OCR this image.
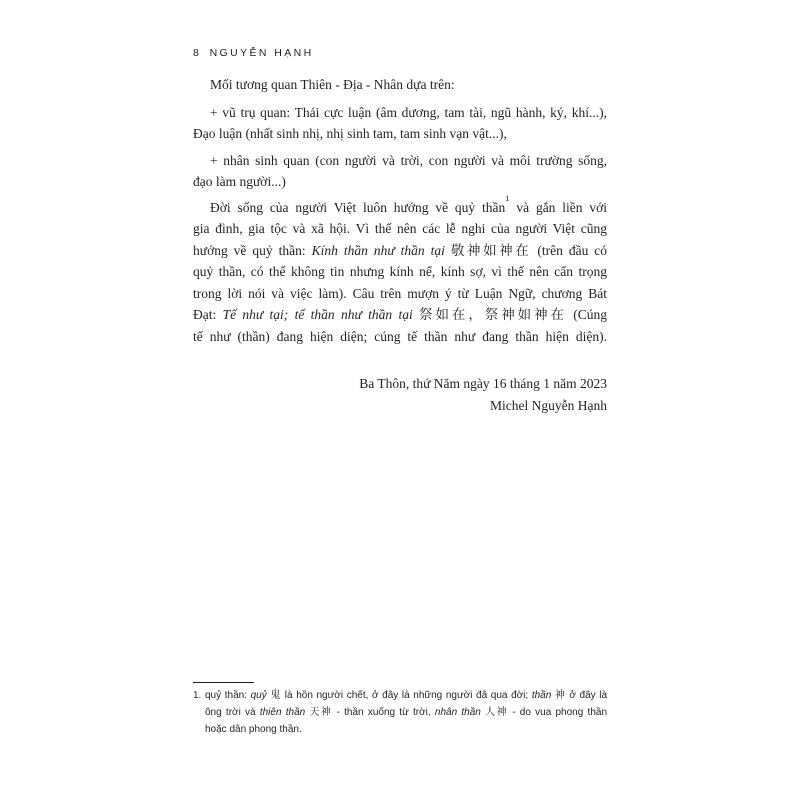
8 NGUYỄN HẠNH
Mối tương quan Thiên - Địa - Nhân dựa trên:
+ vũ trụ quan: Thái cực luận (âm dương, tam tài, ngũ hành, ký, khí...),
Đạo luận (nhất sinh nhị, nhị sinh tam, tam sinh vạn vật...),
+ nhân sinh quan (con người và trời, con người và môi trường sống,
đạo làm người...)
Đời sống của người Việt luôn hướng về quỷ thần$^1$ và gắn liền với
gia đình, gia tộc và xã hội. Vì thế nên các lễ nghi của người Việt cũng
hướng về quỷ thần: Kính thần như thần tại 敬神如神在 (trên đầu có
quỷ thần, có thể không tin nhưng kính nể, kính sợ, vì thế nên cẩn trọng
trong lời nói và việc làm). Câu trên mượn ý từ Luận Ngữ, chương Bát
Đạt: Tế như tại; tế thần như thần tại 祭如在，祭神如神在 (Cúng
tế như (thần) đang hiện diện; cúng tế thần như đang thần hiện diện).
Ba Thôn, thứ Năm ngày 16 tháng 1 năm 2023
Michel Nguyễn Hạnh
1. quỷ thần: quỷ 鬼 là hồn người chết, ở đây là những người đã qua đời; thần 神 ở đây là
ông trời và thiên thần 天神 - thần xuống từ trời, nhân thần 人神 - do vua phong thần
hoặc dân phong thần.
